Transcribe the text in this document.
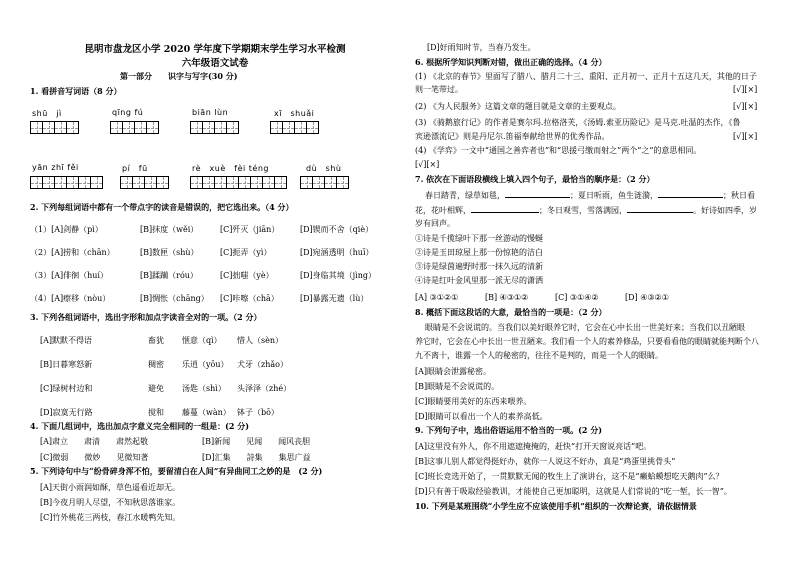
昆明市盘龙区小学 2020 学年度下学期期末学生学习水平检测
六年级语文试卷
第一部分　　识字与写字(30 分)
1. 看拼音写词语（8 分）
shū　jì	qīng fú	biān lùn	xī　shuǎi
yān zhī fěi	pí　fū	rè　xuè　fèi téng	dù　shù
2. 下列每组词语中都有一个带点字的读音是错误的，把它选出来。（4 分）
（1）[A]剑静（pì）	[B]抹度（wěi）	[C]歼灭（jiān）	[D]锲而不舍（qiè）
（2）[A]捞和（chān）	[B]数匣（shù）	[C]扼弄（yì）	[D]宛涵透明（huī）
（3）[A]俳徊（huí）	[B]蹂躏（róu）	[C]拙嗤（yè）	[D]身临其境（jìng）
（4）[A]瘵移（nòu）	[B]惆怅（chāng） [C]咔嚓（chā）	[D]暴露无遗（lù）
3. 下列各组词语中，选出字形和加点字读音全对的一项。（2 分）
[A]默默不得语	畜犹 惬意（qì） 惜人（sèn）
[B]日暮寒怒新	稠密 乐逍（yōu） 犬牙（zhǎo）
[C]绿树村边和	避免 汤匙（shì） 头泽泽（zhé）
[D]寂寞无行路	搅和 藤蔓（wàn） 钵子（bō）
4. 下面几组词中，选出加点字意义完全相同的一组是：(2 分)
[A]肃立　　肃清　　肃然起敬	[B]新闻　　见闻　　闻风丧胆
[C]微弱　　微妙　　见微知著	[D]汇集　　詩集　　集思广益
5. 下列诗句中与“纷骨碎身浑不怕，要留清白在人间”有异曲同工之妙的是　(2 分)
[A]天街小雨润如酥，草色遥看近却无。
[B]今夜月明人尽望，不知秋思落谁家。
[C]竹外桃花三两枝，春江水暖鸭先知。
[D]好雨知时节，当春乃发生。
6. 根据所学知识判断对错，做出正确的选择。（4 分）
(1) 《北京的春节》里面写了腊八、腊月二十三、重阳、正月初一、正月十五这几天，其他的日子
则一笔带过。	[√][×]
(2) 《为人民服务》这篇文章的题目就是文章的主要观点。	[√][×]
(3) 《骑鹅旅行记》的作者是赛尔玛.拉格洛芙，《汤姆.索亚历险记》是马克.吐温的杰作，《鲁
宾逊漂流记》则是丹尼尔.笛福奉献给世界的优秀作品。	[√][×]
(4) 《学弈》一文中“通国之善弈者也”和“思援弓缴而射之”两个“之”的意思相同。
[√][×]
7. 依次在下面语段横线上填入四个句子，最恰当的顺序是：（2 分）
春日踏青，绿草如毯，	；夏日听雨，鱼生涟漪，	；秋日看
花，花叶相辉，	；冬日观雪，雪落满园，	。好诗如四季，岁
岁有回声。
①诗是千揽绿叶下那一丝游动的慢蜒
②诗是玉田琼屋上那一份惊艳的洁白
③诗是绿茵遍野时那一抹久远的清新
④诗是红叶金风里那一派无尽的潇洒
[A] ③①②①	[B] ④③①②	[C] ③①④②	[D] ④③②①
8. 概括下面这段话的大意，最恰当的一项是：（2 分）
眼睛是不会说谎的。当我们以美好眼养它时，它会在心中长出一世美好来；当我们以丑陋眼
养它时，它会在心中长出一世丑陋来。我们看一个人的素养修品，只要看看他的眼睛就能判断个八
九不离十，谁露一个人的秘密的，往往不是判的，而是一个人的眼睛。
[A]眼睛会泄露秘密。
[B]眼睛是不会说谎的。
[C]眼睛要用美好的东西来喂养。
[D]眼睛可以看出一个人的素养高低。
9. 下列句子中，选出俗语运用不恰当的一项。(2 分)
[A]这里没有外人，你不用遮遮掩掩的，赶快“打开天窗说亮话”吧。
[B]这事儿别人都觉得挺好办，就你一人说这不好办，真是“鸡蛋里挑骨头”
[C]班长竞选开始了，一贯默默无闻的牧生上了演讲台，这不是“癞蛤蟆想吃天鹅肉”么？
[D]只有善于吸取经验教训，才能使自己更加聪明，这就是人们常说的“吃一堑，长一智”。
10. 下列是某班围绕“小学生应不应该使用手机”组织的一次辩论赛，请依据情景
